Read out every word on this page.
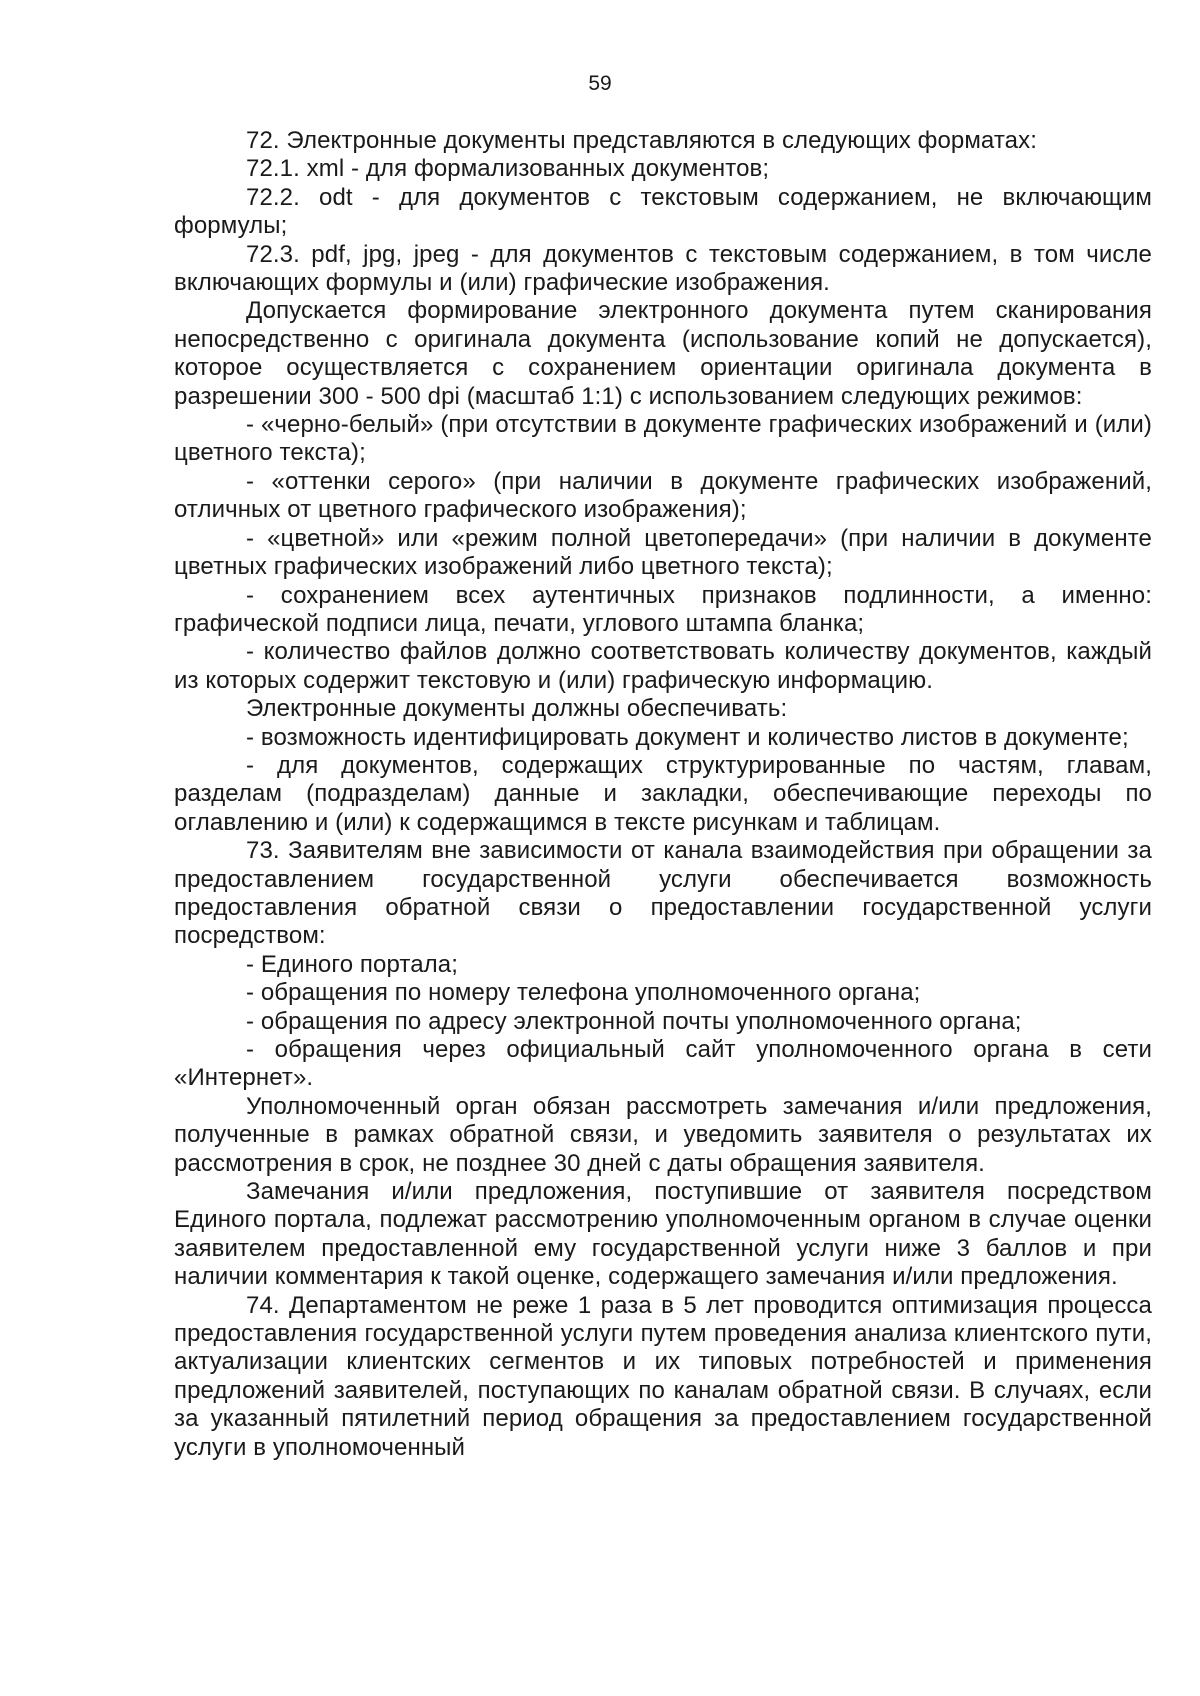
59

72. Электронные документы представляются в следующих форматах:

72.1. xml - для формализованных документов;

72.2. odt - для документов с текстовым содержанием, не включающим формулы;

72.3. pdf, jpg, jpeg - для документов с текстовым содержанием, в том числе включающих формулы и (или) графические изображения.

Допускается формирование электронного документа путем сканирования непосредственно с оригинала документа (использование копий не допускается), которое осуществляется с сохранением ориентации оригинала документа в разрешении 300 - 500 dpi (масштаб 1:1) с использованием следующих режимов:

- «черно-белый» (при отсутствии в документе графических изображений и (или) цветного текста);

- «оттенки серого» (при наличии в документе графических изображений, отличных от цветного графического изображения);

- «цветной» или «режим полной цветопередачи» (при наличии в документе цветных графических изображений либо цветного текста);

- сохранением всех аутентичных признаков подлинности, а именно: графической подписи лица, печати, углового штампа бланка;

- количество файлов должно соответствовать количеству документов, каждый из которых содержит текстовую и (или) графическую информацию.

Электронные документы должны обеспечивать:

- возможность идентифицировать документ и количество листов в документе;

- для документов, содержащих структурированные по частям, главам, разделам (подразделам) данные и закладки, обеспечивающие переходы по оглавлению и (или) к содержащимся в тексте рисункам и таблицам.

73. Заявителям вне зависимости от канала взаимодействия при обращении за предоставлением государственной услуги обеспечивается возможность предоставления обратной связи о предоставлении государственной услуги посредством:

- Единого портала;

- обращения по номеру телефона уполномоченного органа;

- обращения по адресу электронной почты уполномоченного органа;

- обращения через официальный сайт уполномоченного органа в сети «Интернет».

Уполномоченный орган обязан рассмотреть замечания и/или предложения, полученные в рамках обратной связи, и уведомить заявителя о результатах их рассмотрения в срок, не позднее 30 дней с даты обращения заявителя.

Замечания и/или предложения, поступившие от заявителя посредством Единого портала, подлежат рассмотрению уполномоченным органом в случае оценки заявителем предоставленной ему государственной услуги ниже 3 баллов и при наличии комментария к такой оценке, содержащего замечания и/или предложения.

74. Департаментом не реже 1 раза в 5 лет проводится оптимизация процесса предоставления государственной услуги путем проведения анализа клиентского пути, актуализации клиентских сегментов и их типовых потребностей и применения предложений заявителей, поступающих по каналам обратной связи. В случаях, если за указанный пятилетний период обращения за предоставлением государственной услуги в уполномоченный
